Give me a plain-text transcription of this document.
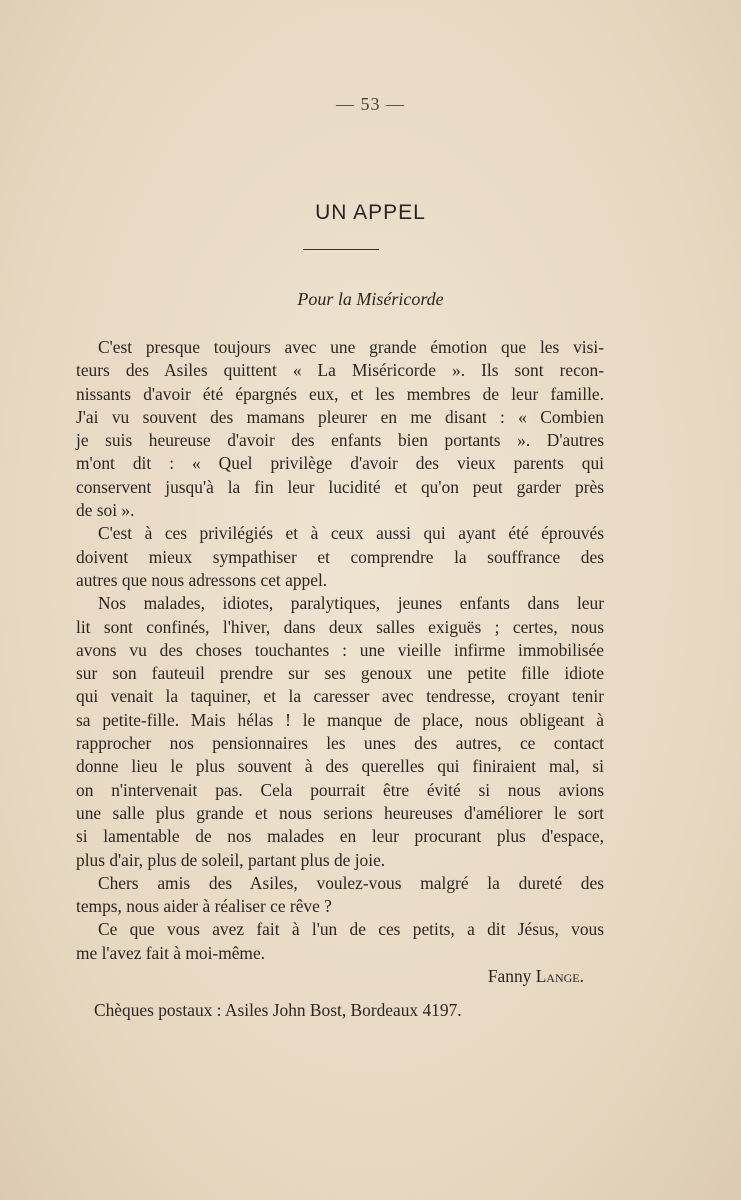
— 53 —
UN APPEL
Pour la Miséricorde
C'est presque toujours avec une grande émotion que les visi-
teurs des Asiles quittent « La Miséricorde ». Ils sont recon-
nissants d'avoir été épargnés eux, et les membres de leur famille.
J'ai vu souvent des mamans pleurer en me disant : « Combien
je suis heureuse d'avoir des enfants bien portants ». D'autres
m'ont dit : « Quel privilège d'avoir des vieux parents qui
conservent jusqu'à la fin leur lucidité et qu'on peut garder près
de soi ».
C'est à ces privilégiés et à ceux aussi qui ayant été éprouvés
doivent mieux sympathiser et comprendre la souffrance des
autres que nous adressons cet appel.
Nos malades, idiotes, paralytiques, jeunes enfants dans leur
lit sont confinés, l'hiver, dans deux salles exiguës ; certes, nous
avons vu des choses touchantes : une vieille infirme immobilisée
sur son fauteuil prendre sur ses genoux une petite fille idiote
qui venait la taquiner, et la caresser avec tendresse, croyant tenir
sa petite-fille. Mais hélas ! le manque de place, nous obligeant à
rapprocher nos pensionnaires les unes des autres, ce contact
donne lieu le plus souvent à des querelles qui finiraient mal, si
on n'intervenait pas. Cela pourrait être évité si nous avions
une salle plus grande et nous serions heureuses d'améliorer le sort
si lamentable de nos malades en leur procurant plus d'espace,
plus d'air, plus de soleil, partant plus de joie.
Chers amis des Asiles, voulez-vous malgré la dureté des
temps, nous aider à réaliser ce rêve ?
Ce que vous avez fait à l'un de ces petits, a dit Jésus, vous
me l'avez fait à moi-même.
Fanny Lange.
Chèques postaux : Asiles John Bost, Bordeaux 4197.
